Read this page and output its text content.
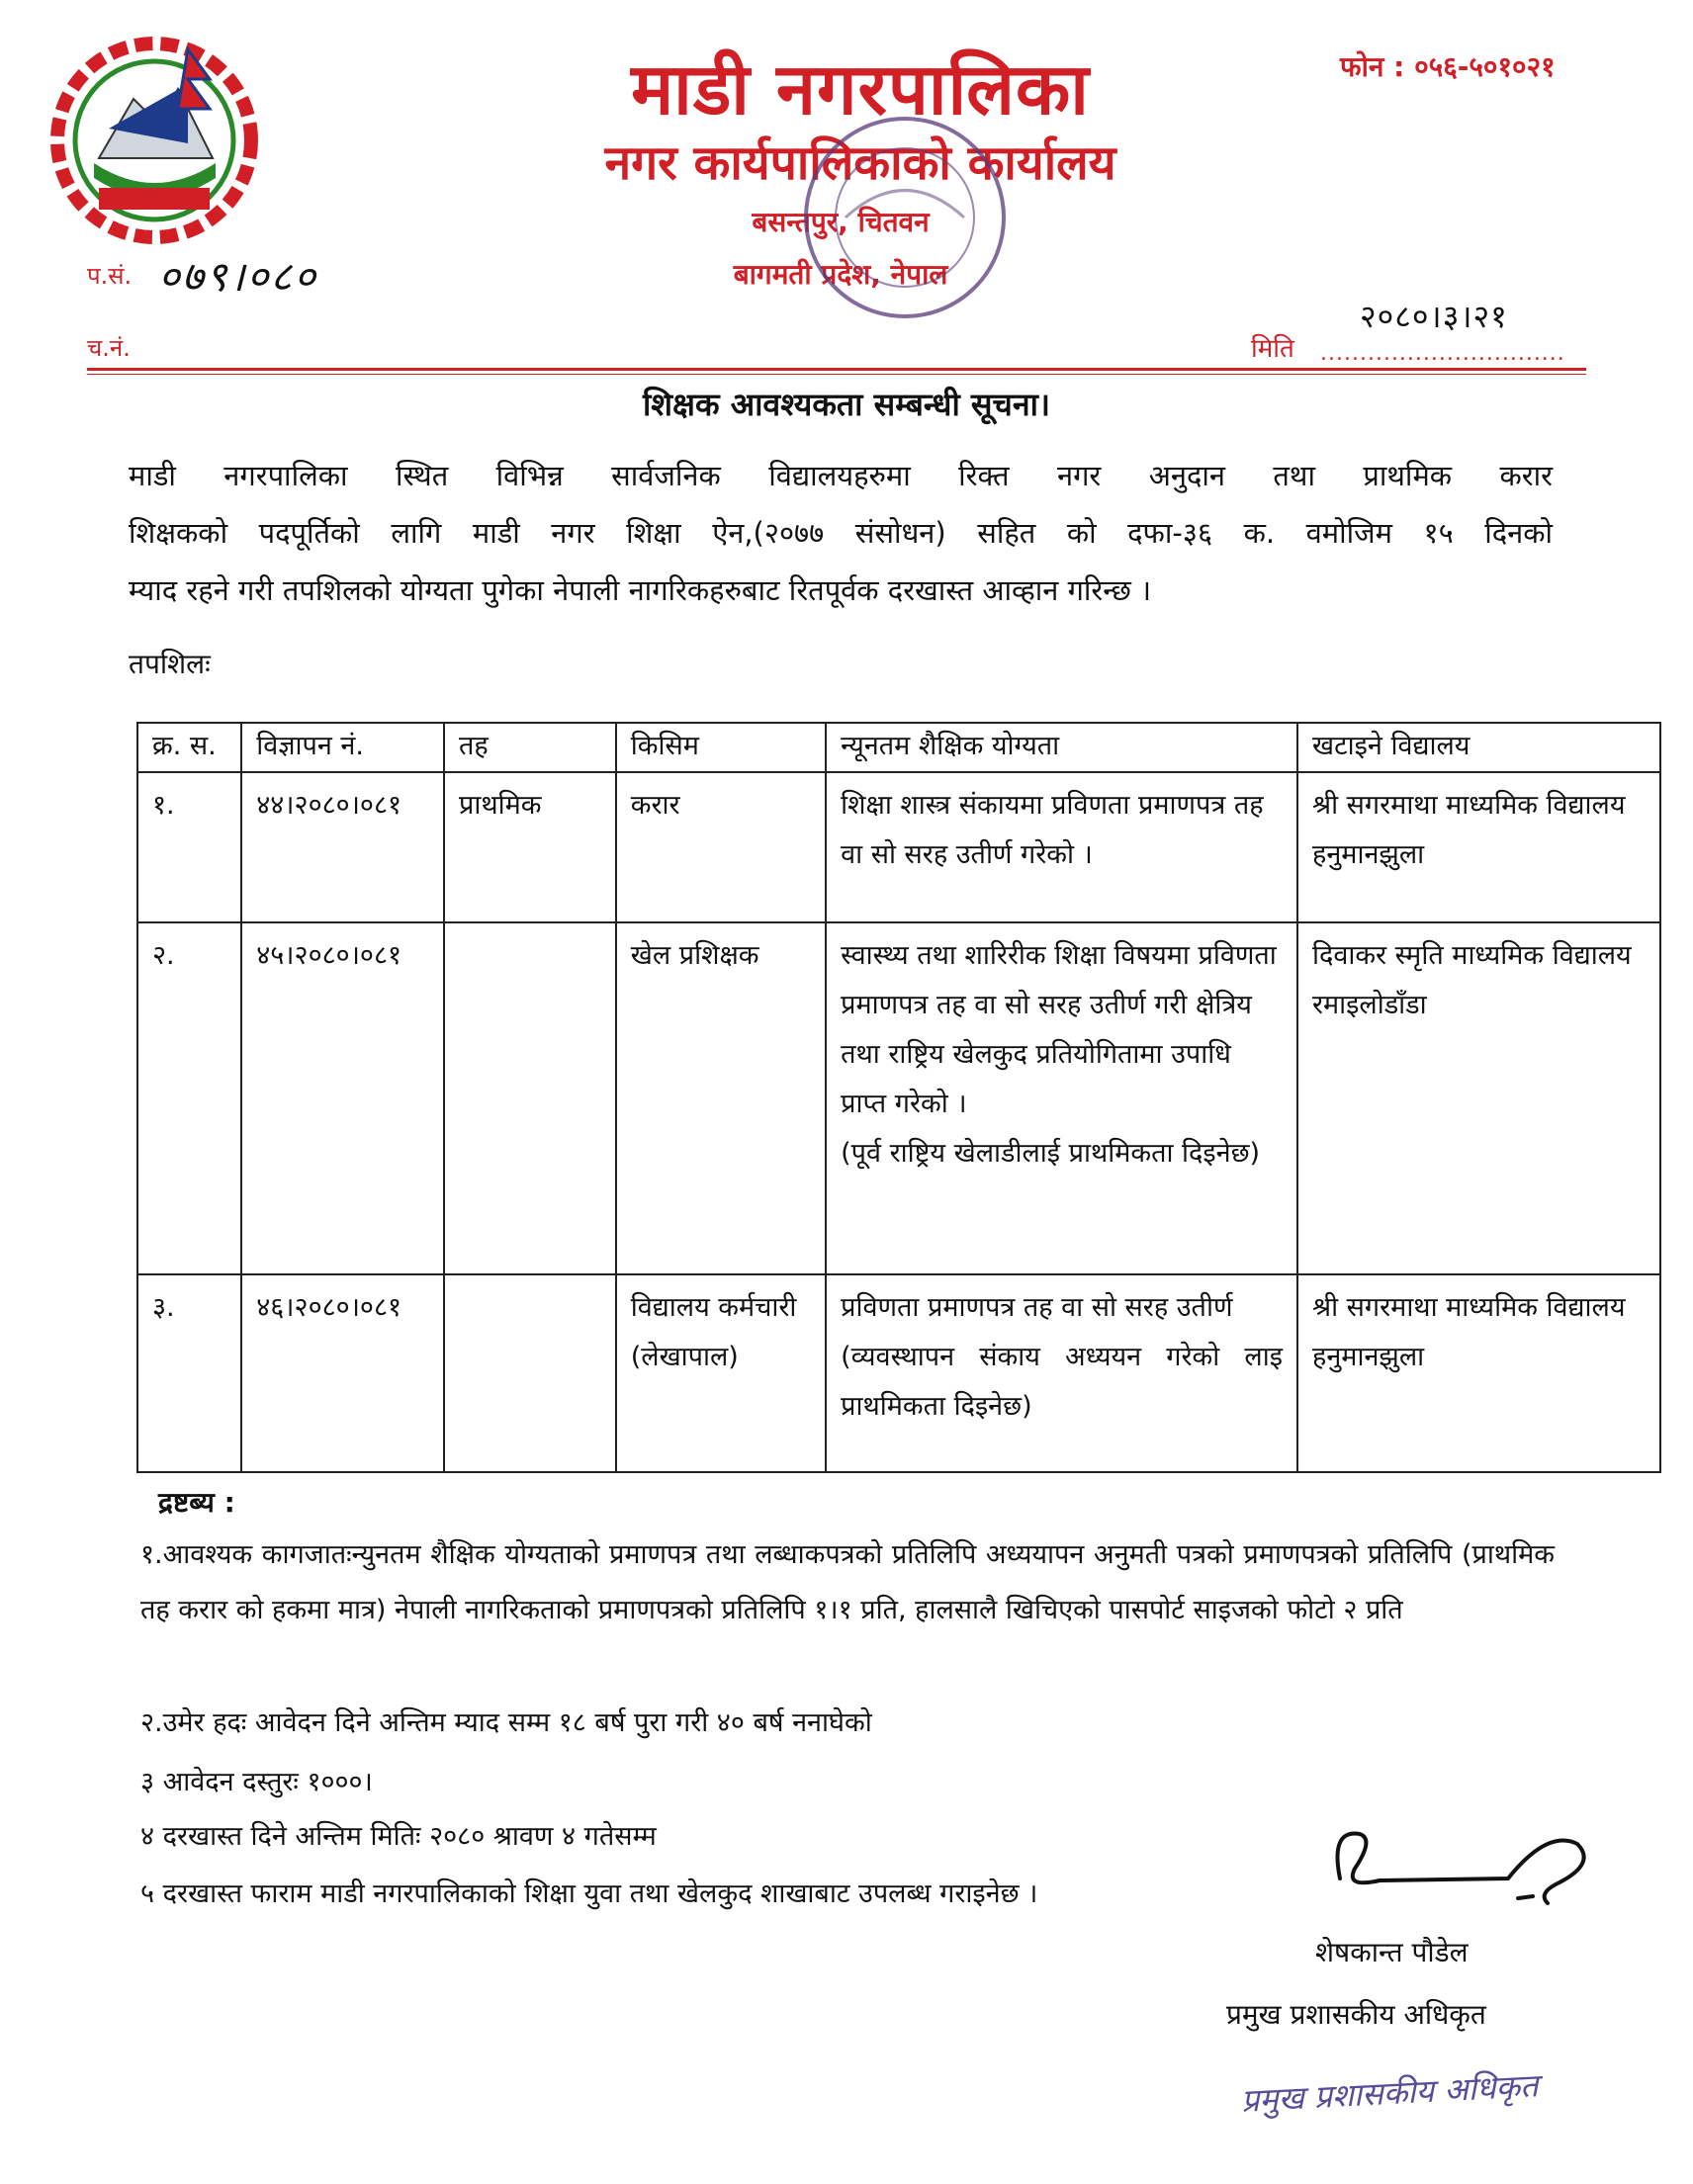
माडी नगरपालिका
नगर कार्यपालिकाको कार्यालय
बसन्तपुर, चितवन
बागमती प्रदेश, नेपाल
फोन : ०५६-५०१०२१
प.सं. ०७९।०८०
च.नं.
२०८०।३।२१
मिति ...............................
शिक्षक आवश्यकता सम्बन्धी सूचना।
माडी नगरपालिका स्थित विभिन्न सार्वजनिक विद्यालयहरुमा रिक्त नगर अनुदान तथा प्राथमिक करार
शिक्षकको पदपूर्तिको लागि माडी नगर शिक्षा ऐन,(२०७७ संसोधन) सहित को दफा-३६ क. वमोजिम १५ दिनको
म्याद रहने गरी तपशिलको योग्यता पुगेका नेपाली नागरिकहरुबाट रितपूर्वक दरखास्त आव्हान गरिन्छ ।
तपशिलः
क्र. स.	विज्ञापन नं.	तह	किसिम	न्यूनतम शैक्षिक योग्यता	खटाइने विद्यालय
१.	४४।२०८०।०८१	प्राथमिक	करार	शिक्षा शास्त्र संकायमा प्रविणता प्रमाणपत्र तह वा सो सरह उतीर्ण गरेको ।	श्री सगरमाथा माध्यमिक विद्यालय हनुमानझुला
२.	४५।२०८०।०८१		खेल प्रशिक्षक	स्वास्थ्य तथा शारिरीक शिक्षा विषयमा प्रविणता प्रमाणपत्र तह वा सो सरह उतीर्ण गरी क्षेत्रिय तथा राष्ट्रिय खेलकुद प्रतियोगितामा उपाधि प्राप्त गरेको ।
(पूर्व राष्ट्रिय खेलाडीलाई प्राथमिकता दिइनेछ)	दिवाकर स्मृति माध्यमिक विद्यालय रमाइलोडाँडा
३.	४६।२०८०।०८१		विद्यालय कर्मचारी (लेखापाल)	प्रविणता प्रमाणपत्र तह वा सो सरह उतीर्ण
(व्यवस्थापन संकाय अध्ययन गरेको लाइ प्राथमिकता दिइनेछ)	श्री सगरमाथा माध्यमिक विद्यालय हनुमानझुला
द्रष्टब्य :
१.आवश्यक कागजातःन्युनतम शैक्षिक योग्यताको प्रमाणपत्र तथा लब्धाकपत्रको प्रतिलिपि अध्ययापन अनुमती पत्रको प्रमाणपत्रको प्रतिलिपि (प्राथमिक तह करार को हकमा मात्र) नेपाली नागरिकताको प्रमाणपत्रको प्रतिलिपि १।१ प्रति, हालसालै खिचिएको पासपोर्ट साइजको फोटो २ प्रति
२.उमेर हदः आवेदन दिने अन्तिम म्याद सम्म १८ बर्ष पुरा गरी ४० बर्ष ननाघेको
३ आवेदन दस्तुरः १०००।
४ दरखास्त दिने अन्तिम मितिः २०८० श्रावण ४ गतेसम्म
५ दरखास्त फाराम माडी नगरपालिकाको शिक्षा युवा तथा खेलकुद शाखाबाट उपलब्ध गराइनेछ ।
शेषकान्त पौडेल
प्रमुख प्रशासकीय अधिकृत
प्रमुख प्रशासकीय अधिकृत
